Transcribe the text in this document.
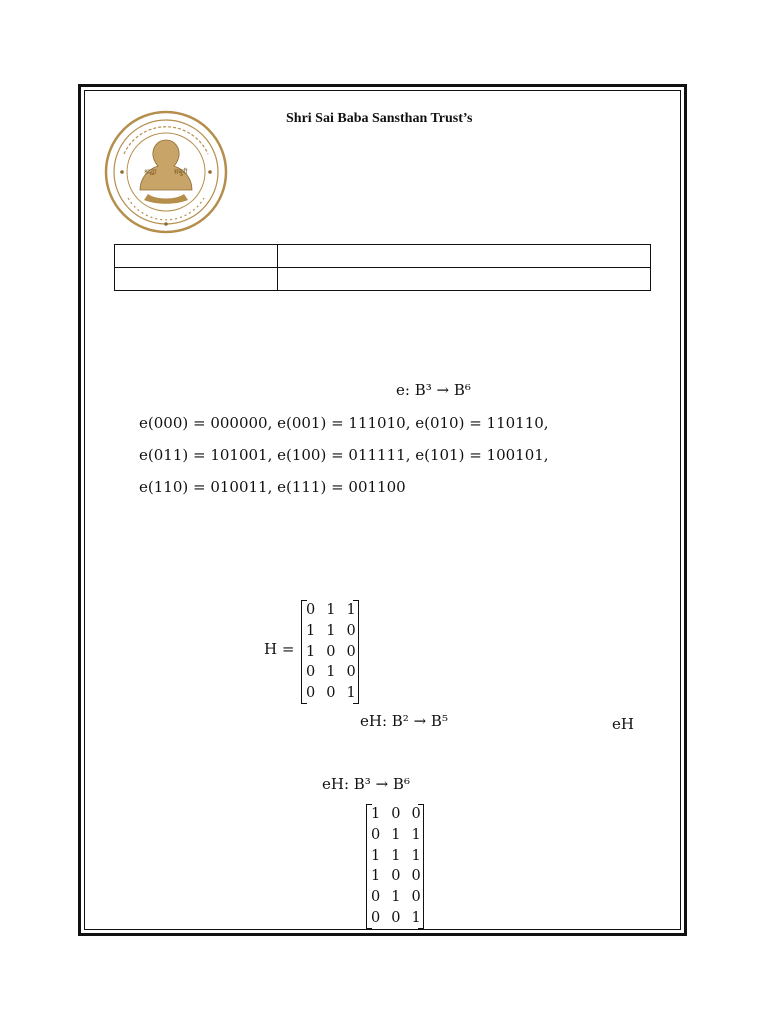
Shri Sai Baba Sansthan Trust’s
श्रद्धा	सबुरी

e: B³ → B⁶
e(000) = 000000, e(001) = 111010, e(010) = 110110,
e(011) = 101001, e(100) = 011111, e(101) = 100101,
e(110) = 010011, e(111) = 001100
H =
0	1	1
1	1	0
1	0	0
0	1	0
0	0	1
eH: B² → B⁵	eH
eH: B³ → B⁶
1	0	0
0	1	1
1	1	1
1	0	0
0	1	0
0	0	1
